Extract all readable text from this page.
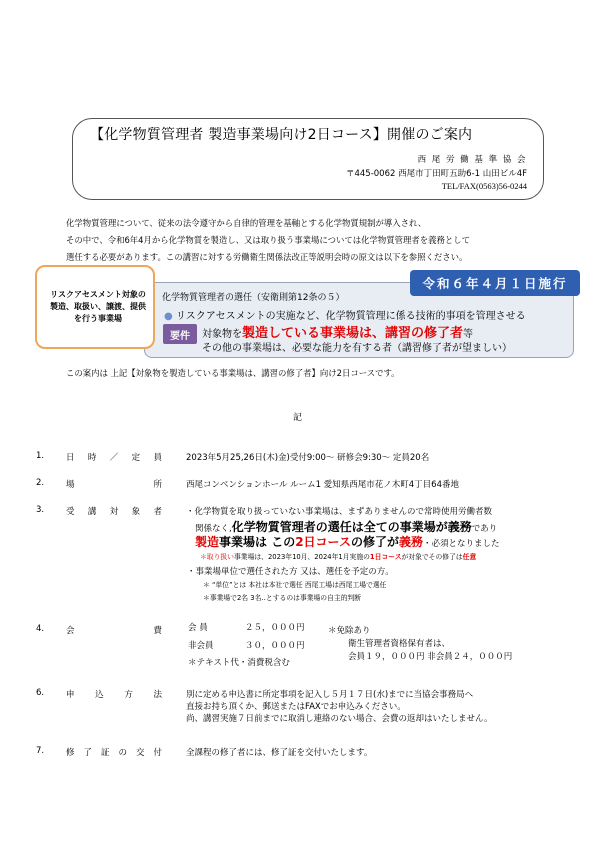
【化学物質管理者 製造事業場向け2日コース】開催のご案内
西 尾 労 働 基 準 協 会
〒445-0062 西尾市丁田町五助6-1 山田ビル4F
TEL/FAX(0563)56-0244
化学物質管理について、従来の法令遵守から自律的管理を基軸とする化学物質規制が導入され、
その中で、令和6年4月から化学物質を製造し、又は取り扱う事業場については化学物質管理者を義務として
選任する必要があります。この講習に対する労働衛生関係法改正等説明会時の原文は以下を参照ください。
リスクアセスメント対象の製造、取扱い、譲渡、提供を行う事業場
令和６年４月１日施行
化学物質管理者の選任（安衛則第12条の５）
● リスクアセスメントの実施など、化学物質管理に係る技術的事項を管理させる
要件	対象物を製造している事業場は、講習の修了者等
その他の事業場は、必要な能力を有する者（講習修了者が望ましい）
この案内は 上記【対象物を製造している事業場は、講習の修了者】向け2日コースです。
記
1.	日 時 ／ 定 員	2023年5月25,26日(木)金)受付9:00～ 研修会9:30～ 定員20名
2.	場	所	西尾コンベンションホール ルーム1 愛知県西尾市花ノ木町4丁目64番地
3.	受 講 対 象 者	・化学物質を取り扱っていない事業場は、まずありませんので常時使用労働者数
関係なく,化学物質管理者の選任は全ての事業場が義務であり
製造事業場は この2日コースの修了が義務・必須となりました
＊取り扱い事業場は、2023年10月、2024年1月実施の1日コースが対象でその修了は任意
・事業場単位で選任された方 又は、選任を予定の方。
＊ “単位”とは 本社は本社で選任 西尾工場は西尾工場で選任
＊事業場で2名 3名‥とするのは事業場の自主的判断
4.	会	費	会 員	２５，０００円
非会員	３０，０００円
＊テキスト代・消費税含む
＊免除あり
衛生管理者資格保有者は、
会員１９，０００円 非会員２４，０００円
6.	申 込 方 法	別に定める申込書に所定事項を記入し５月１７日(水)までに当協会事務局へ
直接お持ち頂くか、郵送またはFAXでお申込みください。
尚、講習実施７日前までに取消し連絡のない場合、会費の返却はいたしません。
7.	修 了 証 の 交 付	全課程の修了者には、修了証を交付いたします。
